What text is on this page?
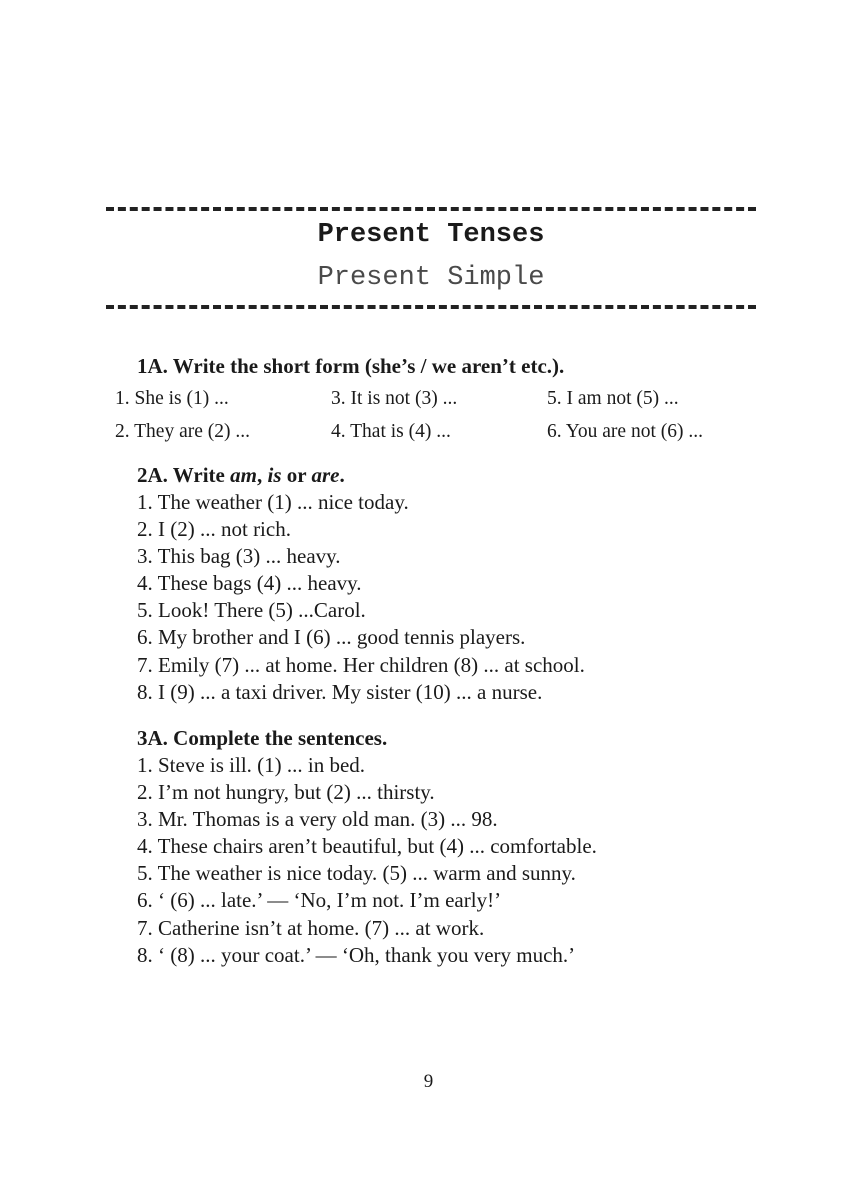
Present Tenses
Present Simple
1A. Write the short form (she’s / we aren’t etc.).
1. She is (1) ...
2. They are (2) ...
3. It is not (3) ...
4. That is (4) ...
5. I am not (5) ...
6. You are not (6) ...
2A. Write am, is or are.
1. The weather (1) ... nice today.
2. I (2) ... not rich.
3. This bag (3) ... heavy.
4. These bags (4) ... heavy.
5. Look! There (5) ...Carol.
6. My brother and I (6) ... good tennis players.
7. Emily (7) ... at home. Her children (8) ... at school.
8. I (9) ... a taxi driver. My sister (10) ... a nurse.
3A. Complete the sentences.
1. Steve is ill. (1) ... in bed.
2. I’m not hungry, but (2) ... thirsty.
3. Mr. Thomas is a very old man. (3) ... 98.
4. These chairs aren’t beautiful, but (4) ... comfortable.
5. The weather is nice today. (5) ... warm and sunny.
6. ‘ (6) ... late.’ — ‘No, I’m not. I’m early!’
7. Catherine isn’t at home. (7) ... at work.
8. ‘ (8) ... your coat.’ — ‘Oh, thank you very much.’
9
